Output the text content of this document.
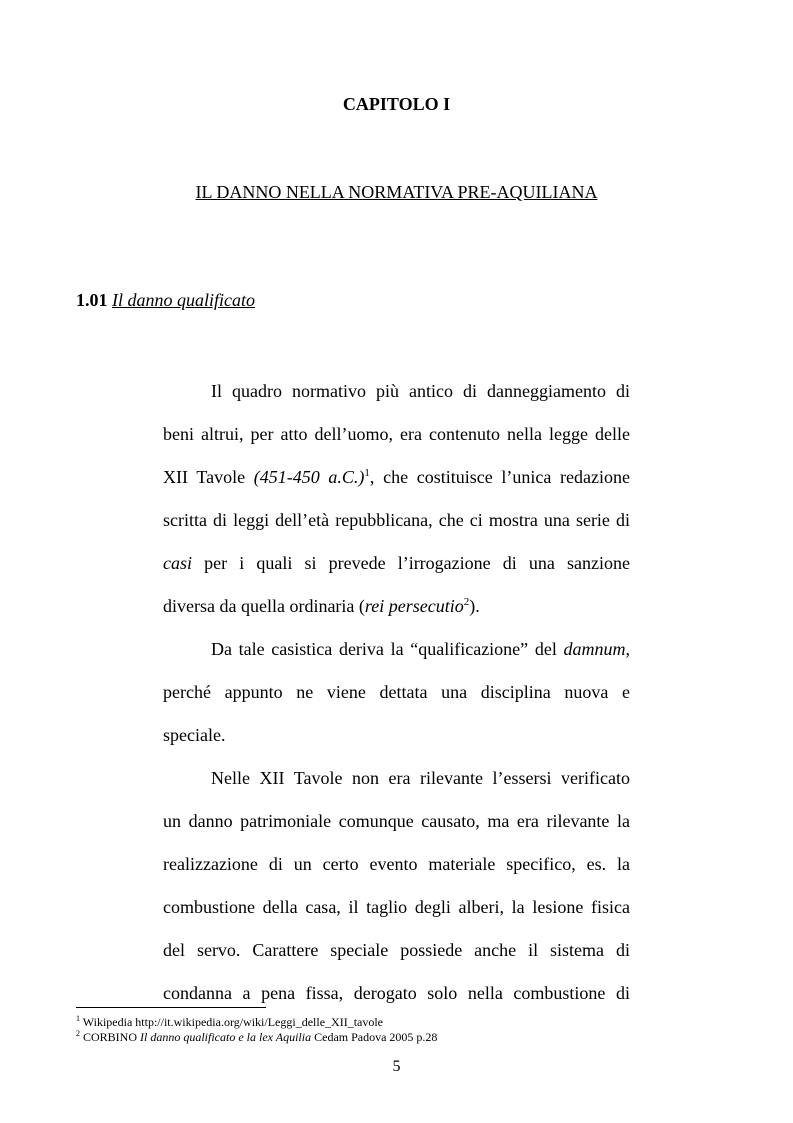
CAPITOLO I
IL DANNO NELLA NORMATIVA PRE-AQUILIANA
1.01 Il danno qualificato
Il quadro normativo più antico di danneggiamento di
beni altrui, per atto dell’uomo, era contenuto nella legge delle
XII Tavole (451-450 a.C.)$^1$, che costituisce l’unica redazione
scritta di leggi dell’età repubblicana, che ci mostra una serie di
casi per i quali si prevede l’irrogazione di una sanzione
diversa da quella ordinaria (rei persecutio$^2$).
Da tale casistica deriva la “qualificazione” del damnum,
perché appunto ne viene dettata una disciplina nuova e
speciale.
Nelle XII Tavole non era rilevante l’essersi verificato
un danno patrimoniale comunque causato, ma era rilevante la
realizzazione di un certo evento materiale specifico, es. la
combustione della casa, il taglio degli alberi, la lesione fisica
del servo. Carattere speciale possiede anche il sistema di
condanna a pena fissa, derogato solo nella combustione di
$^1$ Wikipedia http://it.wikipedia.org/wiki/Leggi_delle_XII_tavole
$^2$ CORBINO Il danno qualificato e la lex Aquilia Cedam Padova 2005 p.28
5
